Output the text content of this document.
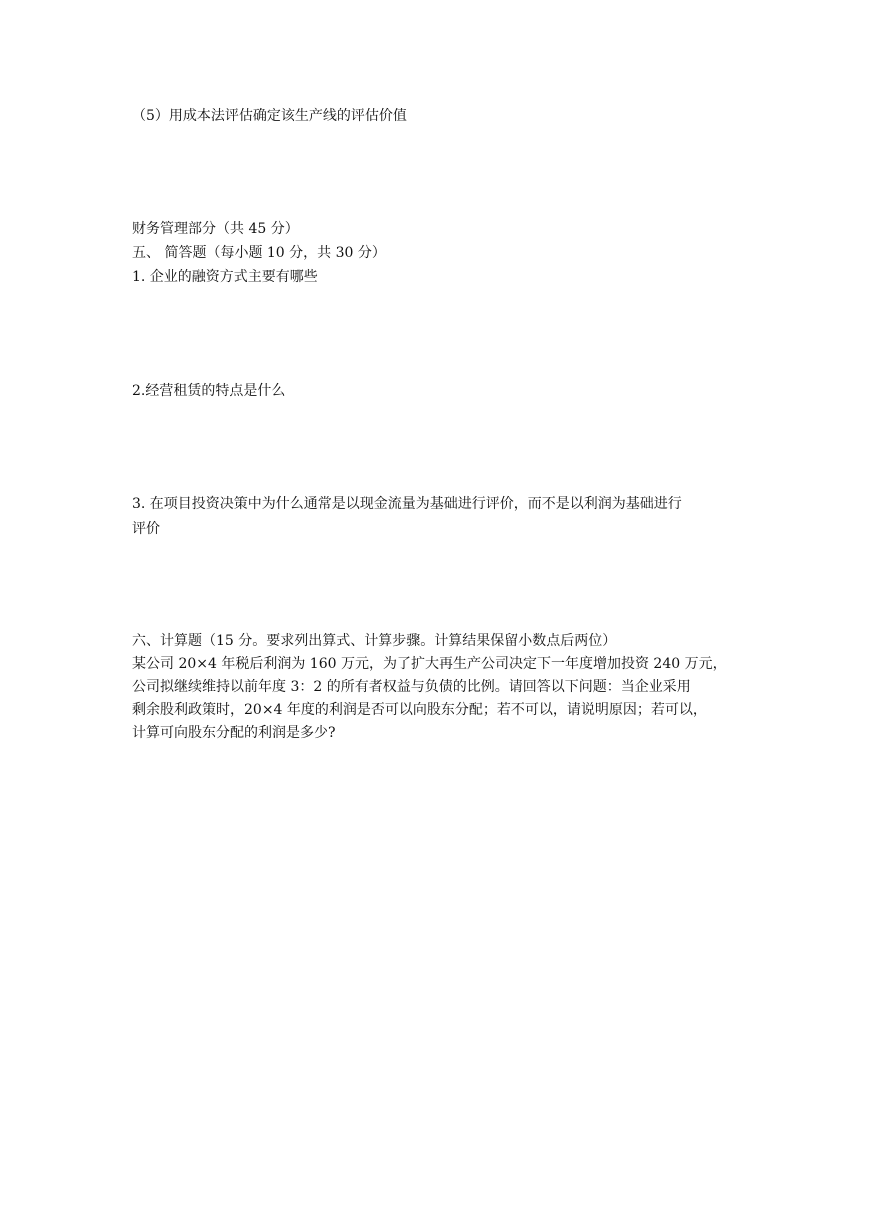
（5）用成本法评估确定该生产线的评估价值
财务管理部分（共 45 分）
五、 简答题（每小题 10 分，共 30 分）
1. 企业的融资方式主要有哪些
2.经营租赁的特点是什么
3. 在项目投资决策中为什么通常是以现金流量为基础进行评价，而不是以利润为基础进行
评价
六、计算题（15 分。要求列出算式、计算步骤。计算结果保留小数点后两位）
某公司 20×4 年税后利润为 160 万元，为了扩大再生产公司决定下一年度增加投资 240 万元，
公司拟继续维持以前年度 3：2 的所有者权益与负债的比例。请回答以下问题：当企业采用
剩余股利政策时，20×4 年度的利润是否可以向股东分配；若不可以，请说明原因；若可以，
计算可向股东分配的利润是多少?
